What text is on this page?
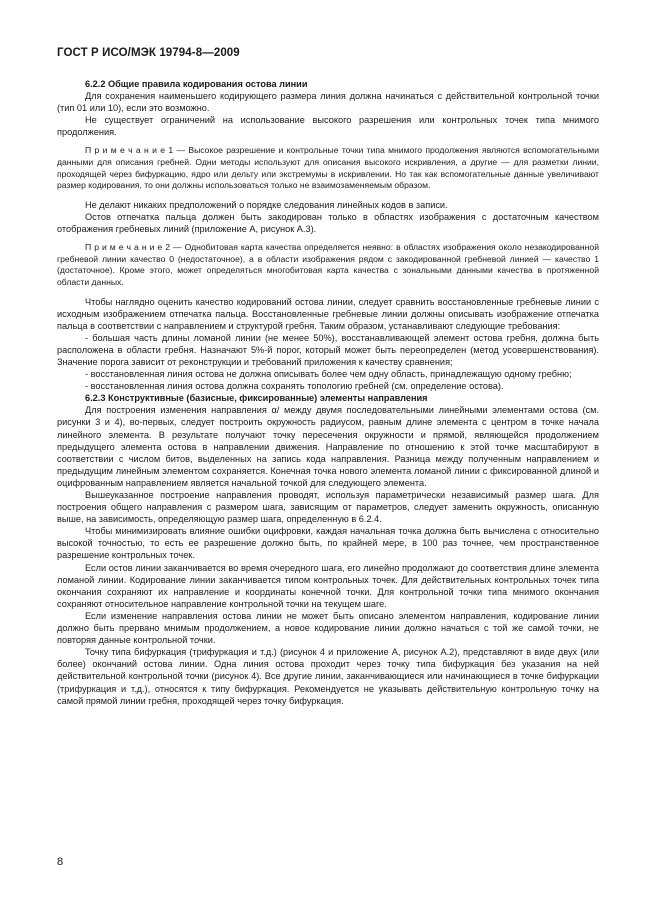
ГОСТ Р ИСО/МЭК 19794-8—2009

6.2.2 Общие правила кодирования остова линии

Для сохранения наименьшего кодирующего размера линия должна начинаться с действительной контрольной точки (тип 01 или 10), если это возможно.

Не существует ограничений на использование высокого разрешения или контрольных точек типа мнимого продолжения.

П р и м е ч а н и е 1 — Высокое разрешение и контрольные точки типа мнимого продолжения являются вспомогательными данными для описания гребней. Одни методы используют для описания высокого искривления, а другие — для разметки линии, проходящей через бифуркацию, ядро или дельту или экстремумы в искривлении. Но так как вспомогательные данные увеличивают размер кодирования, то они должны использоваться только не взаимозаменяемым образом.

Не делают никаких предположений о порядке следования линейных кодов в записи.

Остов отпечатка пальца должен быть закодирован только в областях изображения с достаточным качеством отображения гребневых линий (приложение А, рисунок А.3).

П р и м е ч а н и е 2 — Однобитовая карта качества определяется неявно: в областях изображения около незакодированной гребневой линии качество 0 (недостаточное), а в области изображения рядом с закодированной гребневой линией — качество 1 (достаточное). Кроме этого, может определяться многобитовая карта качества с зональными данными качества в протяженной области данных.

Чтобы наглядно оценить качество кодирований остова линии, следует сравнить восстановленные гребневые линии с исходным изображением отпечатка пальца. Восстановленные гребневые линии должны описывать изображение отпечатка пальца в соответствии с направлением и структурой гребня. Таким образом, устанавливают следующие требования:

- большая часть длины ломаной линии (не менее 50%), восстанавливающей элемент остова гребня, должна быть расположена в области гребня. Назначают 5%-й порог, который может быть переопределен (метод усовершенствования). Значение порога зависит от реконструкции и требований приложения к качеству сравнения;

- восстановленная линия остова не должна описывать более чем одну область, принадлежащую одному гребню;

- восстановленная линия остова должна сохранять топологию гребней (см. определение остова).

6.2.3 Конструктивные (базисные, фиксированные) элементы направления

Для построения изменения направления α/ между двумя последовательными линейными элементами остова (см. рисунки 3 и 4), во-первых, следует построить окружность радиусом, равным длине элемента с центром в точке начала линейного элемента. В результате получают точку пересечения окружности и прямой, являющейся продолжением предыдущего элемента остова в направлении движения. Направление по отношению к этой точке масштабируют в соответствии с числом битов, выделенных на запись кода направления. Разница между полученным направлением и предыдущим линейным элементом сохраняется. Конечная точка нового элемента ломаной линии с фиксированной длиной и оцифрованным направлением является начальной точкой для следующего элемента.

Вышеуказанное построение направления проводят, используя параметрически независимый размер шага. Для построения общего направления с размером шага, зависящим от параметров, следует заменить окружность, описанную выше, на зависимость, определяющую размер шага, определенную в 6.2.4.

Чтобы минимизировать влияние ошибки оцифровки, каждая начальная точка должна быть вычислена с относительно высокой точностью, то есть ее разрешение должно быть, по крайней мере, в 100 раз точнее, чем пространственное разрешение контрольных точек.

Если остов линии заканчивается во время очередного шага, его линейно продолжают до соответствия длине элемента ломаной линии. Кодирование линии заканчивается типом контрольных точек. Для действительных контрольных точек типа окончания сохраняют их направление и координаты конечной точки. Для контрольной точки типа мнимого окончания сохраняют относительное направление контрольной точки на текущем шаге.

Если изменение направления остова линии не может быть описано элементом направления, кодирование линии должно быть прервано мнимым продолжением, а новое кодирование линии должно начаться с той же самой точки, не повторяя данные контрольной точки.

Точку типа бифуркация (трифуркация и т.д.) (рисунок 4 и приложение А, рисунок А.2), представляют в виде двух (или более) окончаний остова линии. Одна линия остова проходит через точку типа бифуркация без указания на ней действительной контрольной точки (рисунок 4). Все другие линии, заканчивающиеся или начинающиеся в точке бифуркации (трифуркация и т.д.), относятся к типу бифуркация. Рекомендуется не указывать действительную контрольную точку на самой прямой линии гребня, проходящей через точку бифуркация.

8
